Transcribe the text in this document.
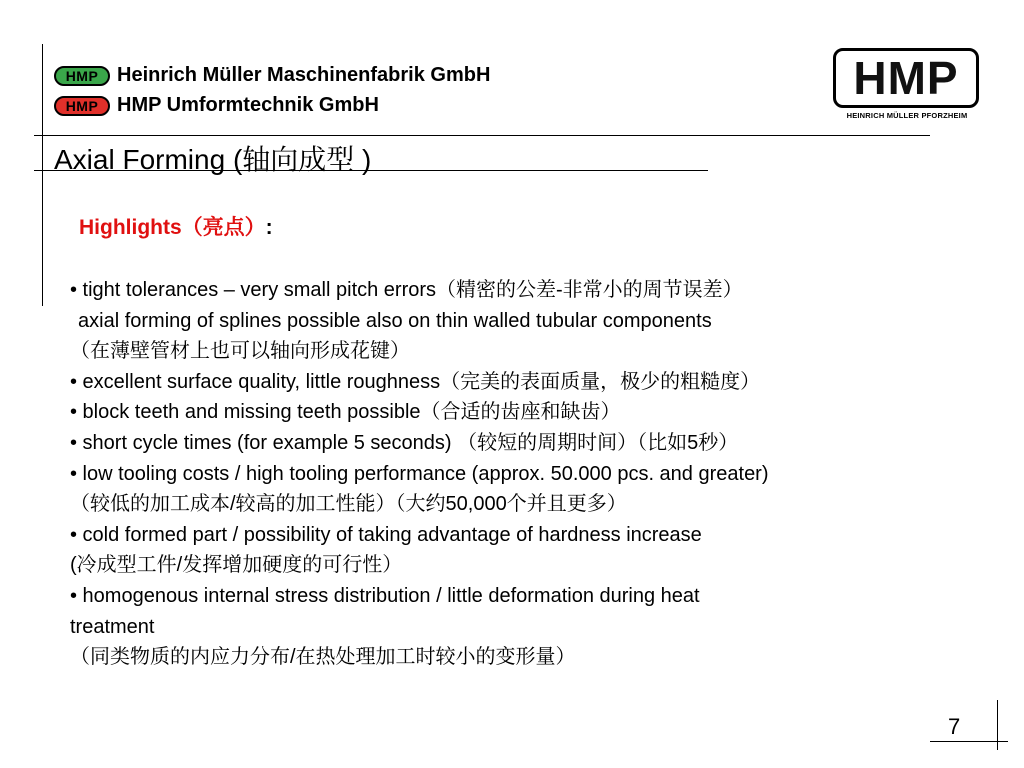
HMP Heinrich Müller Maschinenfabrik GmbH
HMP HMP Umformtechnik GmbH
HMP
HEINRICH MÜLLER PFORZHEIM
Axial Forming (轴向成型 )
Highlights（亮点）:

• tight tolerances – very small pitch errors（精密的公差-非常小的周节误差）

axial forming of splines possible also on thin walled tubular components

（在薄壁管材上也可以轴向形成花键）

• excellent surface quality, little roughness（完美的表面质量，极少的粗糙度）

• block teeth and missing teeth possible（合适的齿座和缺齿）

• short cycle times (for example 5 seconds) （较短的周期时间）（比如5秒）

• low tooling costs / high tooling performance (approx. 50.000 pcs. and greater)

（较低的加工成本/较高的加工性能）（大约50,000个并且更多）

• cold formed part / possibility of taking advantage of hardness increase

(冷成型工件/发挥增加硬度的可行性）

• homogenous internal stress distribution / little deformation during heat

treatment

（同类物质的内应力分布/在热处理加工时较小的变形量）

7
